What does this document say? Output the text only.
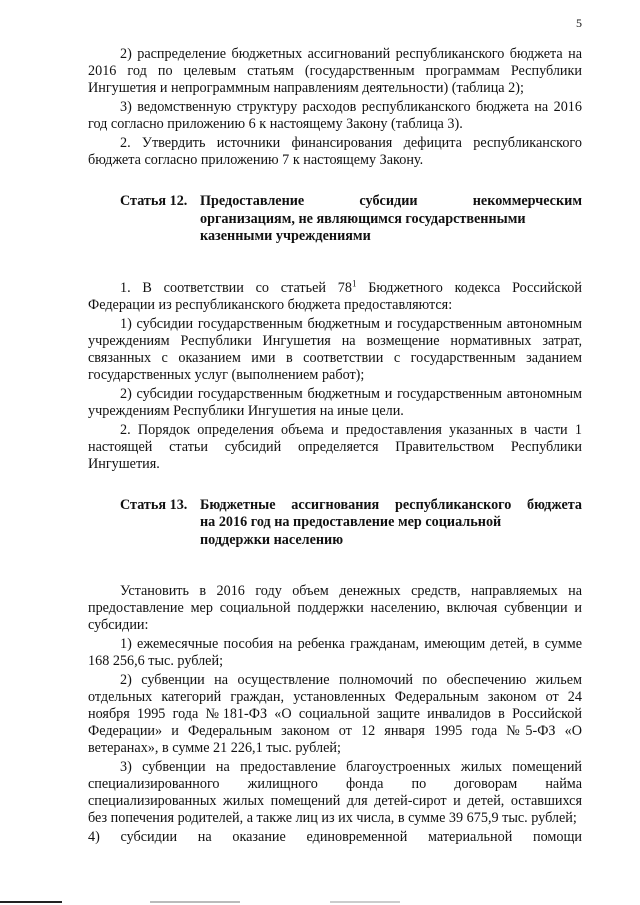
5

2) распределение бюджетных ассигнований республиканского бюджета на 2016 год по целевым статьям (государственным программам Республики Ингушетия и непрограммным направлениям деятельности) (таблица 2);

3) ведомственную структуру расходов республиканского бюджета на 2016 год согласно приложению 6 к настоящему Закону (таблица 3).

2. Утвердить источники финансирования дефицита республиканского бюджета согласно приложению 7 к настоящему Закону.

Статья 12. Предоставление субсидии некоммерческим
организациям, не являющимся государственными
казенными учреждениями

1. В соответствии со статьей $78^1$ Бюджетного кодекса Российской Федерации из республиканского бюджета предоставляются:

1) субсидии государственным бюджетным и государственным автономным учреждениям Республики Ингушетия на возмещение нормативных затрат, связанных с оказанием ими в соответствии с государственным заданием государственных услуг (выполнением работ);

2) субсидии государственным бюджетным и государственным автономным учреждениям Республики Ингушетия на иные цели.

2. Порядок определения объема и предоставления указанных в части 1 настоящей статьи субсидий определяется Правительством Республики Ингушетия.

Статья 13. Бюджетные ассигнования республиканского бюджета
на 2016 год на предоставление мер социальной
поддержки населению

Установить в 2016 году объем денежных средств, направляемых на предоставление мер социальной поддержки населению, включая субвенции и субсидии:

1) ежемесячные пособия на ребенка гражданам, имеющим детей, в сумме 168 256,6 тыс. рублей;

2) субвенции на осуществление полномочий по обеспечению жильем отдельных категорий граждан, установленных Федеральным законом от 24 ноября 1995 года №181-ФЗ «О социальной защите инвалидов в Российской Федерации» и Федеральным законом от 12 января 1995 года №5-ФЗ «О ветеранах», в сумме 21 226,1 тыс. рублей;

3) субвенции на предоставление благоустроенных жилых помещений специализированного жилищного фонда по договорам найма специализированных жилых помещений для детей-сирот и детей, оставшихся без попечения родителей, а также лиц из их числа, в сумме 39 675,9 тыс. рублей;

4) субсидии на оказание единовременной материальной помощи
